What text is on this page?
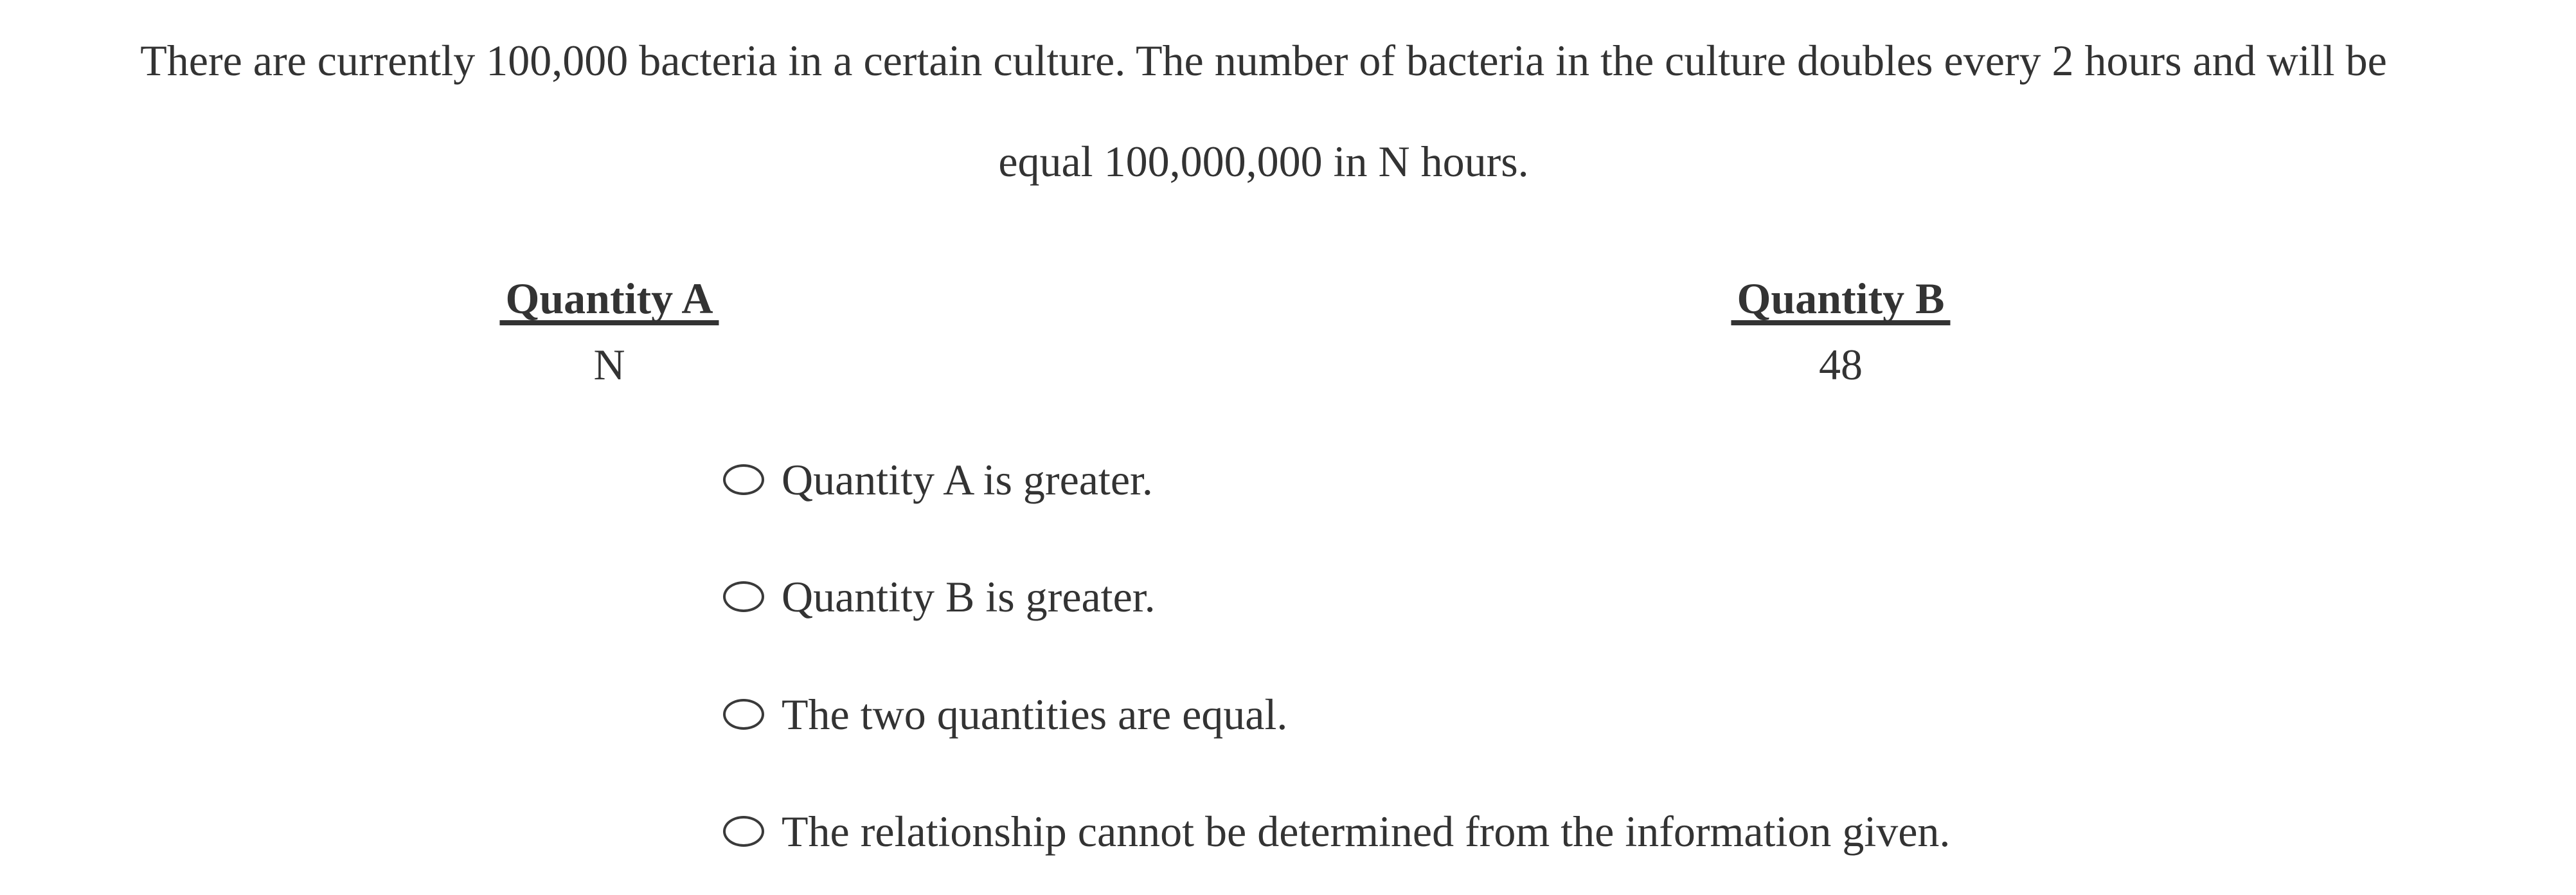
There are currently 100,000 bacteria in a certain culture. The number of bacteria in the culture doubles every 2 hours and will be
equal 100,000,000 in N hours.
Quantity A
N
Quantity B
48
Quantity A is greater.
Quantity B is greater.
The two quantities are equal.
The relationship cannot be determined from the information given.
